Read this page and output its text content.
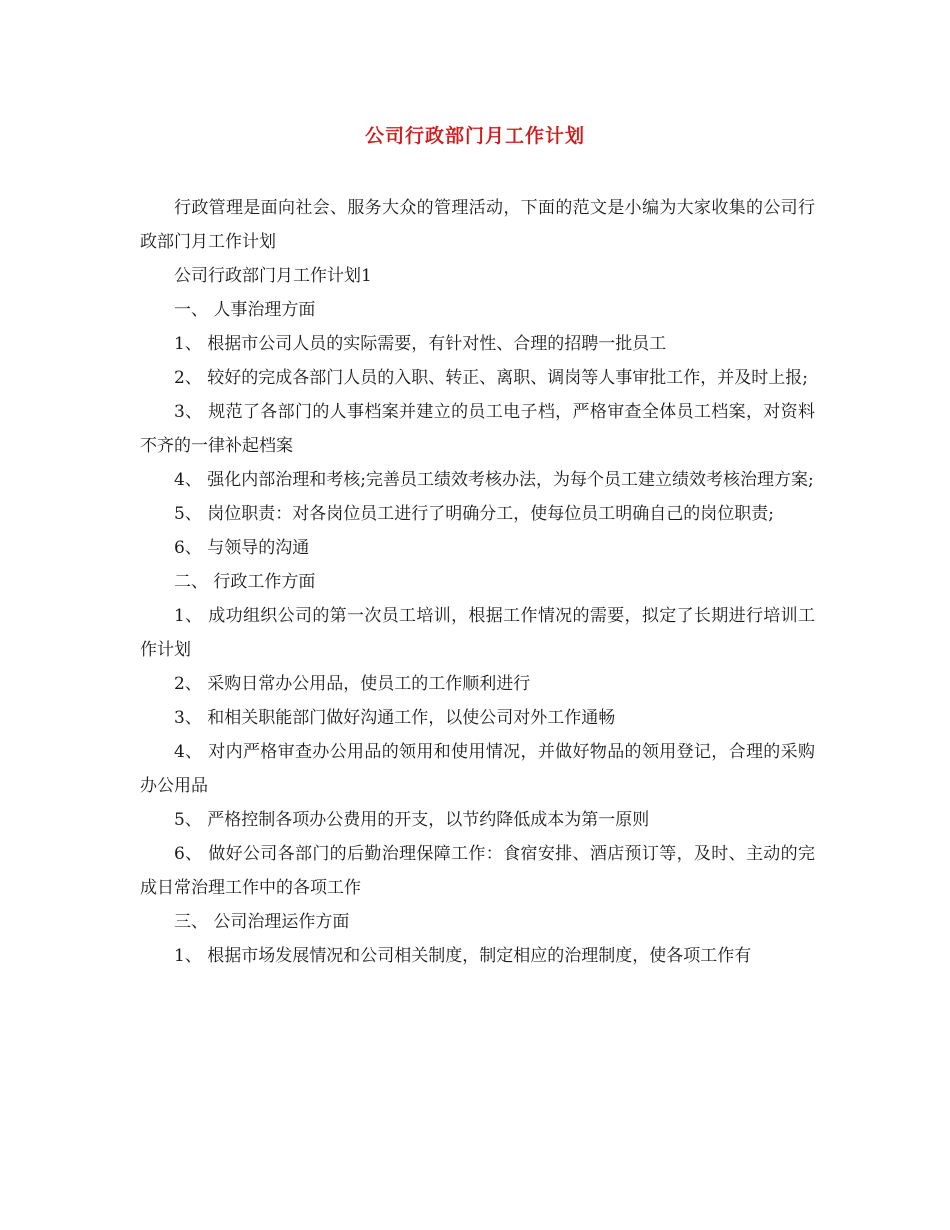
公司行政部门月工作计划

行政管理是面向社会、服务大众的管理活动，下面的范文是小编为大家收集的公司行政部门月工作计划

公司行政部门月工作计划1

一、 人事治理方面

1、 根据市公司人员的实际需要，有针对性、合理的招聘一批员工

2、 较好的完成各部门人员的入职、转正、离职、调岗等人事审批工作，并及时上报;

3、 规范了各部门的人事档案并建立的员工电子档，严格审查全体员工档案，对资料不齐的一律补起档案

4、 强化内部治理和考核;完善员工绩效考核办法，为每个员工建立绩效考核治理方案;

5、 岗位职责：对各岗位员工进行了明确分工，使每位员工明确自己的岗位职责;

6、 与领导的沟通

二、 行政工作方面

1、 成功组织公司的第一次员工培训，根据工作情况的需要，拟定了长期进行培训工作计划

2、 采购日常办公用品，使员工的工作顺利进行

3、 和相关职能部门做好沟通工作，以使公司对外工作通畅

4、 对内严格审查办公用品的领用和使用情况，并做好物品的领用登记，合理的采购办公用品

5、 严格控制各项办公费用的开支，以节约降低成本为第一原则

6、 做好公司各部门的后勤治理保障工作：食宿安排、酒店预订等，及时、主动的完成日常治理工作中的各项工作

三、 公司治理运作方面

1、 根据市场发展情况和公司相关制度，制定相应的治理制度，使各项工作有
